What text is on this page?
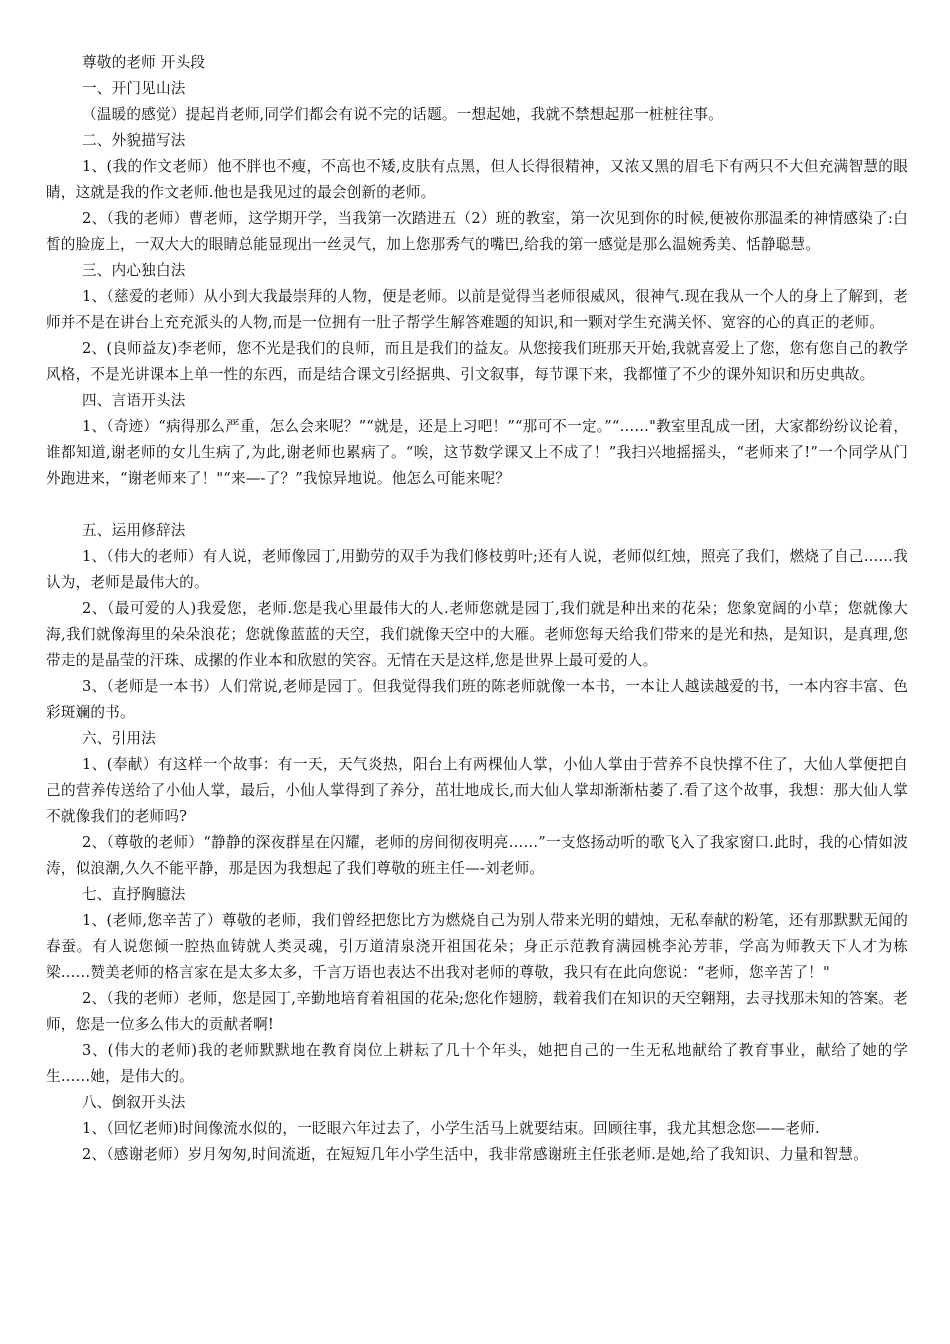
尊敬的老师 开头段

一、开门见山法

（温暖的感觉）提起肖老师,同学们都会有说不完的话题。一想起她，我就不禁想起那一桩桩往事。

二、外貌描写法

1、(我的作文老师）他不胖也不瘦，不高也不矮,皮肤有点黑，但人长得很精神，又浓又黑的眉毛下有两只不大但充满智慧的眼睛，这就是我的作文老师.他也是我见过的最会创新的老师。

2、（我的老师）曹老师，这学期开学，当我第一次踏进五（2）班的教室，第一次见到你的时候,便被你那温柔的神情感染了:白皙的脸庞上，一双大大的眼睛总能显现出一丝灵气，加上您那秀气的嘴巴,给我的第一感觉是那么温婉秀美、恬静聪慧。

三、内心独白法

1、（慈爱的老师）从小到大我最崇拜的人物，便是老师。以前是觉得当老师很威风，很神气.现在我从一个人的身上了解到，老师并不是在讲台上充充派头的人物,而是一位拥有一肚子帮学生解答难题的知识,和一颗对学生充满关怀、宽容的心的真正的老师。

2、(良师益友)李老师，您不光是我们的良师，而且是我们的益友。从您接我们班那天开始,我就喜爱上了您，您有您自己的教学风格，不是光讲课本上单一性的东西，而是结合课文引经据典、引文叙事，每节课下来，我都懂了不少的课外知识和历史典故。

四、言语开头法

1、（奇迹）“病得那么严重，怎么会来呢？”“就是，还是上习吧！”“那可不一定。”“……"教室里乱成一团，大家都纷纷议论着，谁都知道,谢老师的女儿生病了,为此,谢老师也累病了。“唉，这节数学课又上不成了！”我扫兴地摇摇头，“老师来了!”一个同学从门外跑进来，“谢老师来了！"“来—-了？”我惊异地说。他怎么可能来呢？

五、运用修辞法

1、（伟大的老师）有人说，老师像园丁,用勤劳的双手为我们修枝剪叶;还有人说，老师似红烛，照亮了我们，燃烧了自己……我认为，老师是最伟大的。

2、（最可爱的人)我爱您，老师.您是我心里最伟大的人.老师您就是园丁,我们就是种出来的花朵；您象宽阔的小草；您就像大海,我们就像海里的朵朵浪花；您就像蓝蓝的天空，我们就像天空中的大雁。老师您每天给我们带来的是光和热，是知识，是真理,您带走的是晶莹的汗珠、成摞的作业本和欣慰的笑容。无情在天是这样,您是世界上最可爱的人。

3、（老师是一本书）人们常说,老师是园丁。但我觉得我们班的陈老师就像一本书，一本让人越读越爱的书，一本内容丰富、色彩斑斓的书。

六、引用法

1、(奉献）有这样一个故事：有一天，天气炎热，阳台上有两棵仙人掌，小仙人掌由于营养不良快撑不住了，大仙人掌便把自己的营养传送给了小仙人掌，最后，小仙人掌得到了养分，茁壮地成长,而大仙人掌却渐渐枯萎了.看了这个故事，我想：那大仙人掌不就像我们的老师吗?

2、（尊敬的老师）“静静的深夜群星在闪耀，老师的房间彻夜明亮……”一支悠扬动听的歌飞入了我家窗口.此时，我的心情如波涛，似浪潮,久久不能平静，那是因为我想起了我们尊敬的班主任—-刘老师。

七、直抒胸臆法

1、(老师,您辛苦了）尊敬的老师，我们曾经把您比方为燃烧自己为别人带来光明的蜡烛，无私奉献的粉笔，还有那默默无闻的春蚕。有人说您倾一腔热血铸就人类灵魂，引万道清泉浇开祖国花朵；身正示范教育满园桃李沁芳菲，学高为师教天下人才为栋梁……赞美老师的格言家在是太多太多，千言万语也表达不出我对老师的尊敬，我只有在此向您说：“老师，您辛苦了！"

2、（我的老师）老师，您是园丁,辛勤地培育着祖国的花朵;您化作翅膀，载着我们在知识的天空翱翔，去寻找那未知的答案。老师，您是一位多么伟大的贡献者啊!

3、(伟大的老师)我的老师默默地在教育岗位上耕耘了几十个年头，她把自己的一生无私地献给了教育事业，献给了她的学生……她，是伟大的。

八、倒叙开头法

1、（回忆老师)时间像流水似的，一眨眼六年过去了，小学生活马上就要结束。回顾往事，我尤其想念您——老师.

2、（感谢老师）岁月匆匆,时间流逝，在短短几年小学生活中，我非常感谢班主任张老师.是她,给了我知识、力量和智慧。
